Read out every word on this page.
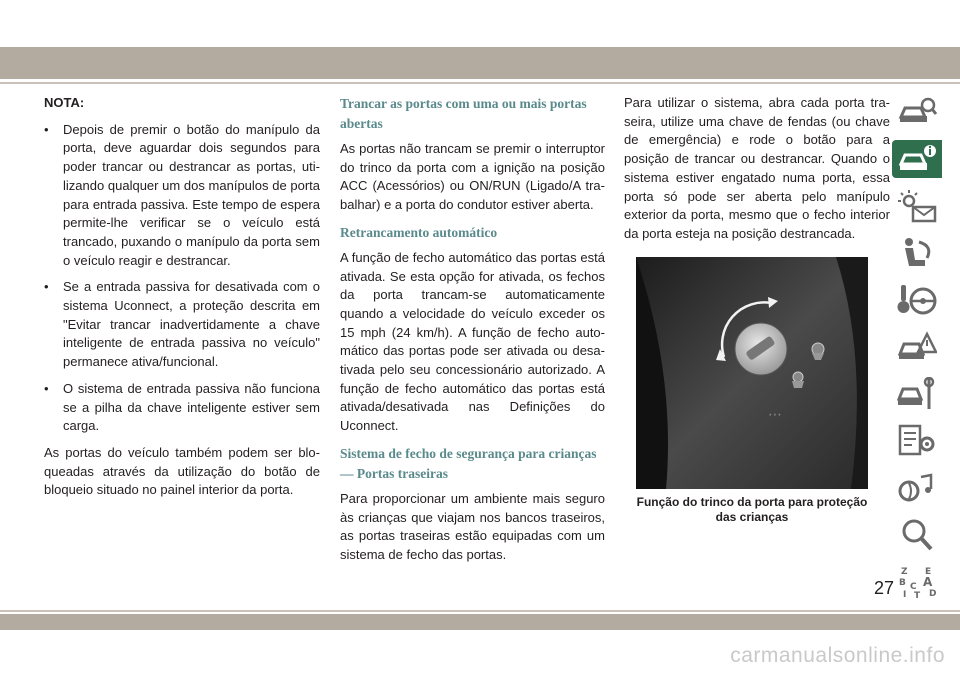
NOTA:
• Depois de premir o botão do manípulo da porta, deve aguardar dois segundos para poder trancar ou destrancar as portas, uti-lizando qualquer um dos manípulos de porta para entrada passiva. Este tempo de espera permite-lhe verificar se o veículo está trancado, puxando o manípulo da porta sem o veículo reagir e destrancar.
• Se a entrada passiva for desativada com o sistema Uconnect, a proteção descrita em "Evitar trancar inadvertidamente a chave inteligente de entrada passiva no veículo" permanece ativa/funcional.
• O sistema de entrada passiva não funciona se a pilha da chave inteligente estiver sem carga.

As portas do veículo também podem ser blo-queadas através da utilização do botão de bloqueio situado no painel interior da porta.

Trancar as portas com uma ou mais portas abertas

As portas não trancam se premir o interruptor do trinco da porta com a ignição na posição ACC (Acessórios) ou ON/RUN (Ligado/A tra-balhar) e a porta do condutor estiver aberta.

Retrancamento automático

A função de fecho automático das portas está ativada. Se esta opção for ativada, os fechos da porta trancam-se automaticamente quando a velocidade do veículo exceder os 15 mph (24 km/h). A função de fecho auto-mático das portas pode ser ativada ou desa-tivada pelo seu concessionário autorizado. A função de fecho automático das portas está ativada/desativada nas Definições do Uconnect.

Sistema de fecho de segurança para crianças — Portas traseiras

Para proporcionar um ambiente mais seguro às crianças que viajam nos bancos traseiros, as portas traseiras estão equipadas com um sistema de fecho das portas.

Para utilizar o sistema, abra cada porta tra-seira, utilize uma chave de fendas (ou chave de emergência) e rode o botão para a posição de trancar ou destrancar. Quando o sistema estiver engatado numa porta, essa porta só pode ser aberta pelo manípulo exterior da porta, mesmo que o fecho interior da porta esteja na posição destrancada.

⋯
Função do trinco da porta para proteção das crianças
Z E
B A
C
D
I T
27
carmanualsonline.info
